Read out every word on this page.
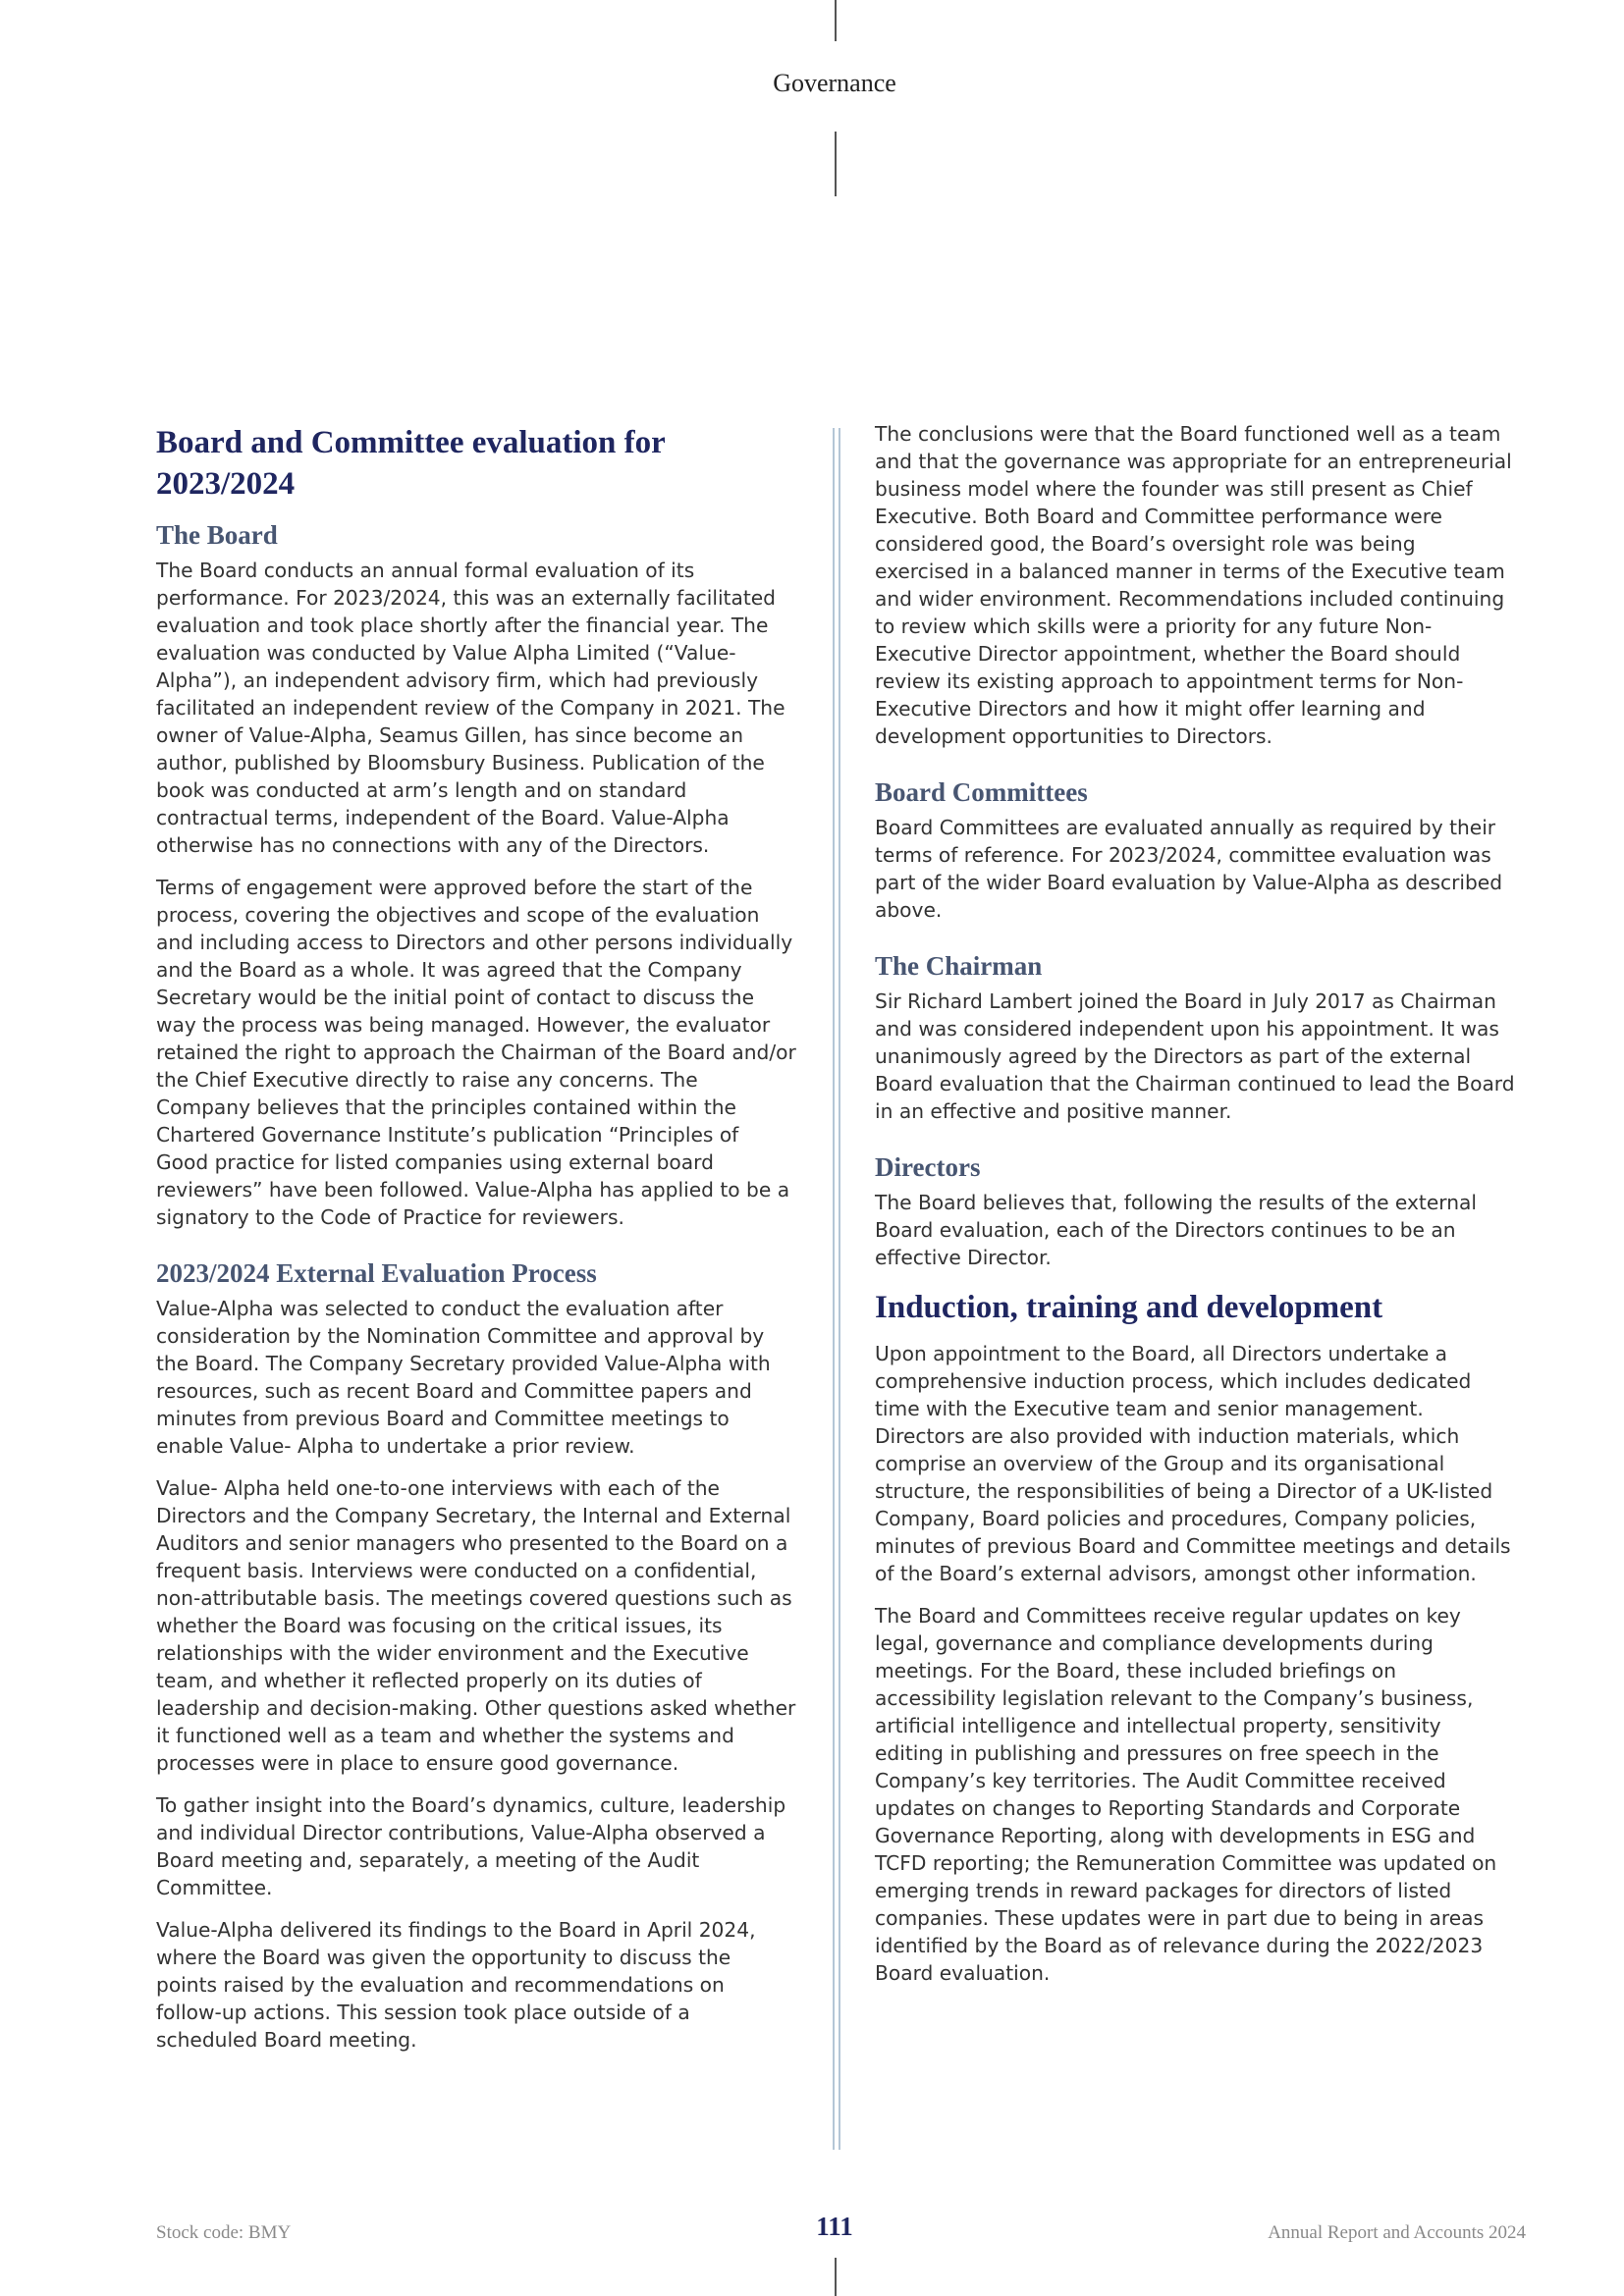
Governance
Board and Committee evaluation for 2023/2024
The Board

The Board conducts an annual formal evaluation of its performance. For 2023/2024, this was an externally facilitated evaluation and took place shortly after the financial year. The evaluation was conducted by Value Alpha Limited (“Value-Alpha”), an independent advisory firm, which had previously facilitated an independent review of the Company in 2021. The owner of Value-Alpha, Seamus Gillen, has since become an author, published by Bloomsbury Business. Publication of the book was conducted at arm’s length and on standard contractual terms, independent of the Board. Value-Alpha otherwise has no connections with any of the Directors.

Terms of engagement were approved before the start of the process, covering the objectives and scope of the evaluation and including access to Directors and other persons individually and the Board as a whole. It was agreed that the Company Secretary would be the initial point of contact to discuss the way the process was being managed. However, the evaluator retained the right to approach the Chairman of the Board and/or the Chief Executive directly to raise any concerns. The Company believes that the principles contained within the Chartered Governance Institute’s publication “Principles of Good practice for listed companies using external board reviewers” have been followed. Value-Alpha has applied to be a signatory to the Code of Practice for reviewers.

2023/2024 External Evaluation Process

Value-Alpha was selected to conduct the evaluation after consideration by the Nomination Committee and approval by the Board. The Company Secretary provided Value-Alpha with resources, such as recent Board and Committee papers and minutes from previous Board and Committee meetings to enable Value- Alpha to undertake a prior review.

Value- Alpha held one-to-one interviews with each of the Directors and the Company Secretary, the Internal and External Auditors and senior managers who presented to the Board on a frequent basis. Interviews were conducted on a confidential, non-attributable basis. The meetings covered questions such as whether the Board was focusing on the critical issues, its relationships with the wider environment and the Executive team, and whether it reflected properly on its duties of leadership and decision-making. Other questions asked whether it functioned well as a team and whether the systems and processes were in place to ensure good governance.

To gather insight into the Board’s dynamics, culture, leadership and individual Director contributions, Value-Alpha observed a Board meeting and, separately, a meeting of the Audit Committee.

Value-Alpha delivered its findings to the Board in April 2024, where the Board was given the opportunity to discuss the points raised by the evaluation and recommendations on follow-up actions. This session took place outside of a scheduled Board meeting.

The conclusions were that the Board functioned well as a team and that the governance was appropriate for an entrepreneurial business model where the founder was still present as Chief Executive. Both Board and Committee performance were considered good, the Board’s oversight role was being exercised in a balanced manner in terms of the Executive team and wider environment. Recommendations included continuing to review which skills were a priority for any future Non-Executive Director appointment, whether the Board should review its existing approach to appointment terms for Non-Executive Directors and how it might offer learning and development opportunities to Directors.

Board Committees

Board Committees are evaluated annually as required by their terms of reference. For 2023/2024, committee evaluation was part of the wider Board evaluation by Value-Alpha as described above.

The Chairman

Sir Richard Lambert joined the Board in July 2017 as Chairman and was considered independent upon his appointment. It was unanimously agreed by the Directors as part of the external Board evaluation that the Chairman continued to lead the Board in an effective and positive manner.

Directors

The Board believes that, following the results of the external Board evaluation, each of the Directors continues to be an effective Director.

Induction, training and development

Upon appointment to the Board, all Directors undertake a comprehensive induction process, which includes dedicated time with the Executive team and senior management. Directors are also provided with induction materials, which comprise an overview of the Group and its organisational structure, the responsibilities of being a Director of a UK-listed Company, Board policies and procedures, Company policies, minutes of previous Board and Committee meetings and details of the Board’s external advisors, amongst other information.

The Board and Committees receive regular updates on key legal, governance and compliance developments during meetings. For the Board, these included briefings on accessibility legislation relevant to the Company’s business, artificial intelligence and intellectual property, sensitivity editing in publishing and pressures on free speech in the Company’s key territories. The Audit Committee received updates on changes to Reporting Standards and Corporate Governance Reporting, along with developments in ESG and TCFD reporting; the Remuneration Committee was updated on emerging trends in reward packages for directors of listed companies. These updates were in part due to being in areas identified by the Board as of relevance during the 2022/2023 Board evaluation.

Stock code: BMY	111	Annual Report and Accounts 2024
